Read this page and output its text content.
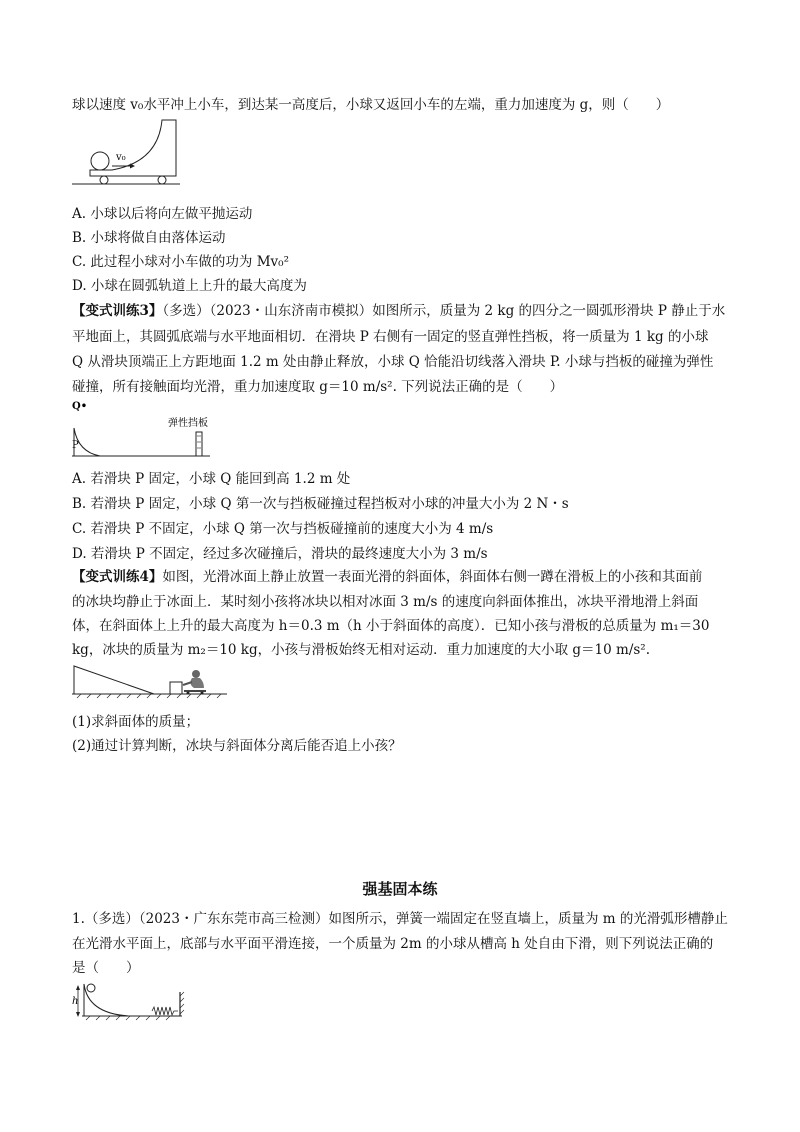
球以速度 v₀水平冲上小车，到达某一高度后，小球又返回小车的左端，重力加速度为 g，则（　　）
v₀
A. 小球以后将向左做平抛运动
B. 小球将做自由落体运动
C. 此过程小球对小车做的功为 Mv₀²
D. 小球在圆弧轨道上上升的最大高度为
【变式训练3】（多选）（2023・山东济南市模拟）如图所示，质量为 2 kg 的四分之一圆弧形滑块 P 静止于水
平地面上，其圆弧底端与水平地面相切．在滑块 P 右侧有一固定的竖直弹性挡板，将一质量为 1 kg 的小球
Q 从滑块顶端正上方距地面 1.2 m 处由静止释放，小球 Q 恰能沿切线落入滑块 P. 小球与挡板的碰撞为弹性
碰撞，所有接触面均光滑，重力加速度取 g＝10 m/s². 下列说法正确的是（　　）
Q•
弹性挡板
P
A. 若滑块 P 固定，小球 Q 能回到高 1.2 m 处
B. 若滑块 P 固定，小球 Q 第一次与挡板碰撞过程挡板对小球的冲量大小为 2 N・s
C. 若滑块 P 不固定，小球 Q 第一次与挡板碰撞前的速度大小为 4 m/s
D. 若滑块 P 不固定，经过多次碰撞后，滑块的最终速度大小为 3 m/s
【变式训练4】如图，光滑冰面上静止放置一表面光滑的斜面体，斜面体右侧一蹲在滑板上的小孩和其面前
的冰块均静止于冰面上．某时刻小孩将冰块以相对冰面 3 m/s 的速度向斜面体推出，冰块平滑地滑上斜面
体，在斜面体上上升的最大高度为 h＝0.3 m（h 小于斜面体的高度）．已知小孩与滑板的总质量为 m₁＝30
kg，冰块的质量为 m₂＝10 kg，小孩与滑板始终无相对运动．重力加速度的大小取 g＝10 m/s².
(1)求斜面体的质量；
(2)通过计算判断，冰块与斜面体分离后能否追上小孩？
强基固本练
1.（多选）（2023・广东东莞市高三检测）如图所示，弹簧一端固定在竖直墙上，质量为 m 的光滑弧形槽静止
在光滑水平面上，底部与水平面平滑连接，一个质量为 2m 的小球从槽高 h 处自由下滑，则下列说法正确的
是（　　）
h
